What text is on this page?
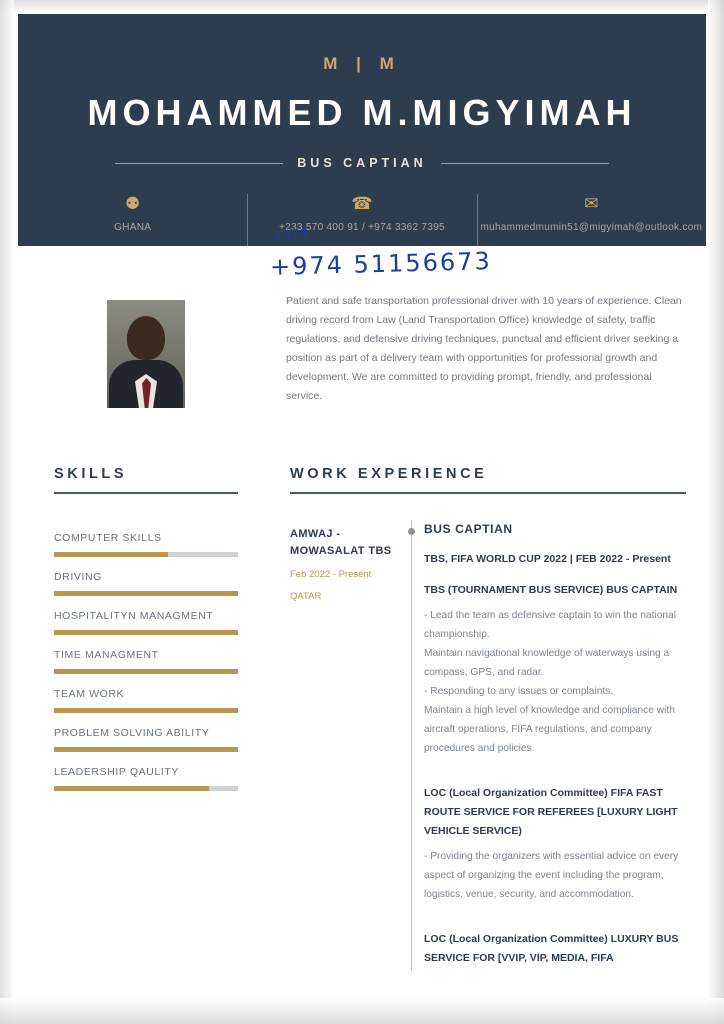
M | M
MOHAMMED M.MIGYIMAH
BUS CAPTIAN
⚉
GHANA
☎
+233 570 400 91 / +974 3362 7395
✉
muhammedmumin51@migyimah@outlook.com
+974
+974 51156673
Patient and safe transportation professional driver with 10 years of experience. Clean driving record from Law (Land Transportation Office) knowledge of safety, traffic regulations, and defensive driving techniques, punctual and efficient driver seeking a position as part of a delivery team with opportunities for professional growth and development. We are committed to providing prompt, friendly, and professional service.
SKILLS	WORK EXPERIENCE
COMPUTER SKILLS
DRIVING
HOSPITALITYN MANAGMENT
TIME MANAGMENT
TEAM WORK
PROBLEM SOLVING ABILITY
LEADERSHIP QAULITY
AMWAJ - MOWASALAT TBS
Feb 2022 - Present
QATAR
BUS CAPTIAN
TBS, FIFA WORLD CUP 2022 | FEB 2022 - Present
TBS (TOURNAMENT BUS SERVICE) BUS CAPTAIN
- Lead the team as defensive captain to win the national championship.
Maintain navigational knowledge of waterways using a compass, GPS, and radar.
- Responding to any issues or complaints.
Maintain a high level of knowledge and compliance with aircraft operations, FIFA regulations, and company procedures and policies.
LOC (Local Organization Committee) FIFA FAST ROUTE SERVICE FOR REFEREES [LUXURY LIGHT VEHICLE SERVICE)
- Providing the organizers with essential advice on every aspect of organizing the event including the program,
logistics, venue, security, and accommodation.
LOC (Local Organization Committee) LUXURY BUS SERVICE FOR [VVIP, VIP, MEDIA, FIFA
